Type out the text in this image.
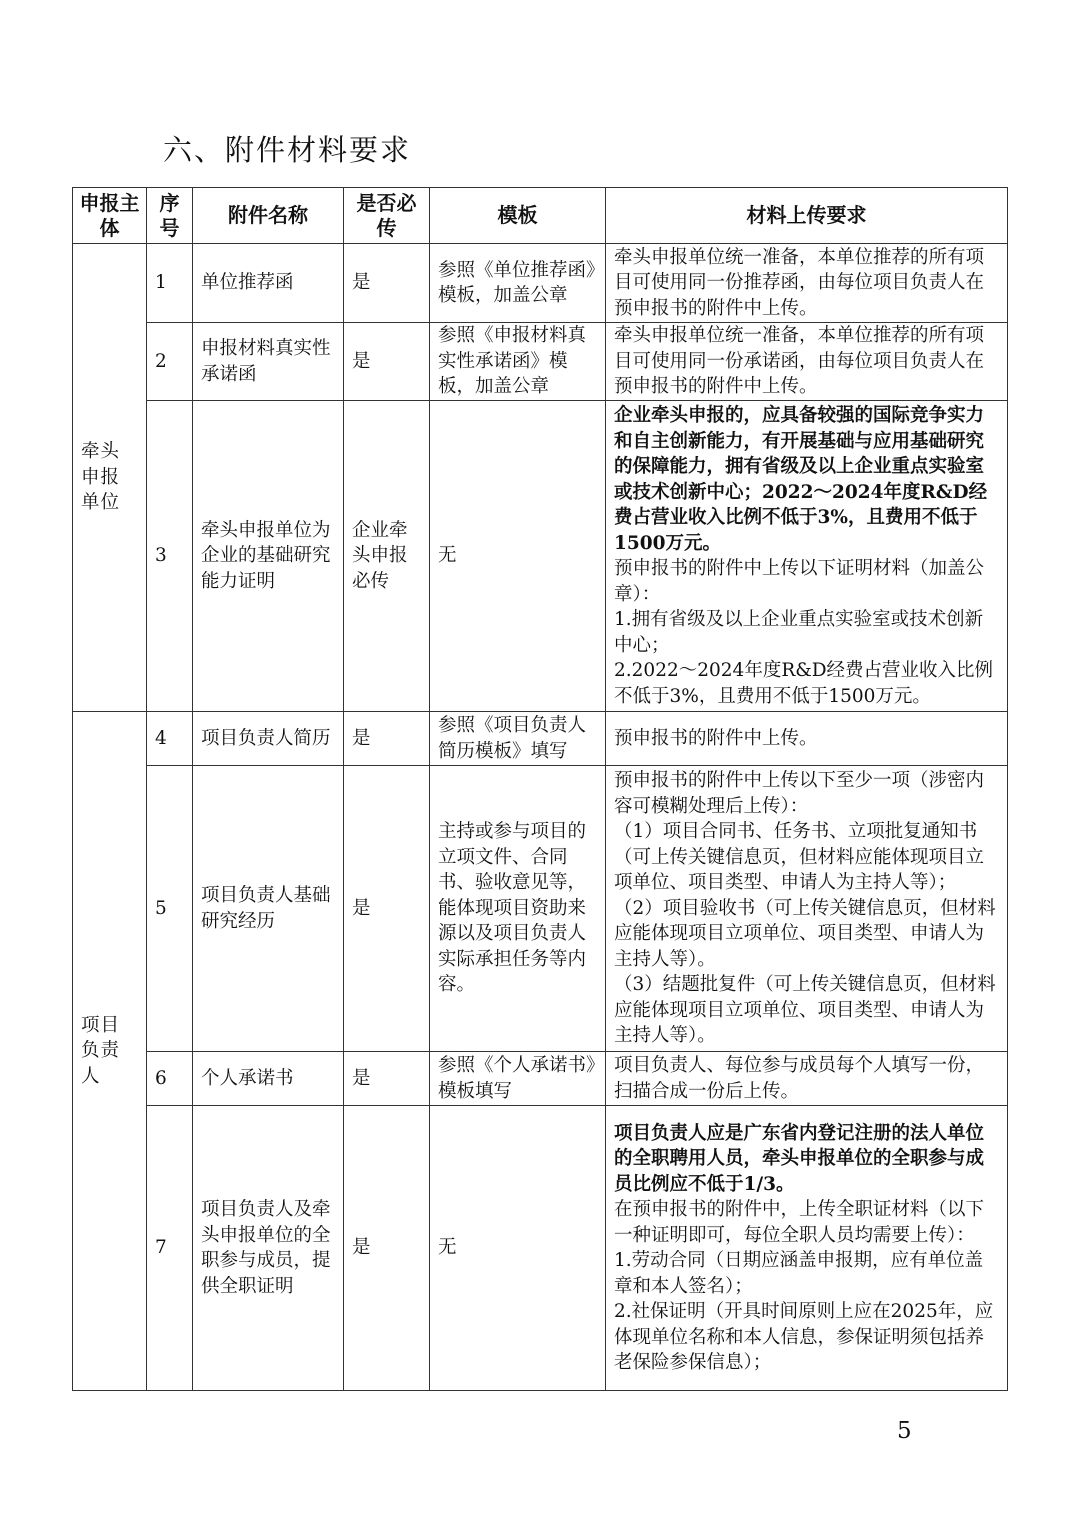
六、附件材料要求
申报主体	序号	附件名称	是否必传	模板	材料上传要求
牵头申报单位	1	单位推荐函	是	参照《单位推荐函》模板，加盖公章	牵头申报单位统一准备，本单位推荐的所有项目可使用同一份推荐函，由每位项目负责人在预申报书的附件中上传。

	2	申报材料真实性承诺函	是	参照《申报材料真实性承诺函》模板，加盖公章	牵头申报单位统一准备，本单位推荐的所有项目可使用同一份承诺函，由每位项目负责人在预申报书的附件中上传。

	3	牵头申报单位为企业的基础研究能力证明	企业牵头申报必传	无	企业牵头申报的，应具备较强的国际竞争实力和自主创新能力，有开展基础与应用基础研究的保障能力，拥有省级及以上企业重点实验室或技术创新中心；2022～2024年度R&D经费占营业收入比例不低于3%，且费用不低于1500万元。
预申报书的附件中上传以下证明材料（加盖公章）：
1.拥有省级及以上企业重点实验室或技术创新中心；
2.2022～2024年度R&D经费占营业收入比例不低于3%，且费用不低于1500万元。

项目负责人	4	项目负责人简历	是	参照《项目负责人简历模板》填写	预申报书的附件中上传。

	5	项目负责人基础研究经历	是	主持或参与项目的立项文件、合同书、验收意见等，能体现项目资助来源以及项目负责人实际承担任务等内容。	预申报书的附件中上传以下至少一项（涉密内容可模糊处理后上传）：
（1）项目合同书、任务书、立项批复通知书（可上传关键信息页，但材料应能体现项目立项单位、项目类型、申请人为主持人等）；
（2）项目验收书（可上传关键信息页，但材料应能体现项目立项单位、项目类型、申请人为主持人等）。
（3）结题批复件（可上传关键信息页，但材料应能体现项目立项单位、项目类型、申请人为主持人等）。

	6	个人承诺书	是	参照《个人承诺书》模板填写	项目负责人、每位参与成员每个人填写一份，扫描合成一份后上传。

	7	项目负责人及牵头申报单位的全职参与成员，提供全职证明	是	无	项目负责人应是广东省内登记注册的法人单位的全职聘用人员，牵头申报单位的全职参与成员比例应不低于1/3。
在预申报书的附件中，上传全职证材料（以下一种证明即可，每位全职人员均需要上传）：
1.劳动合同（日期应涵盖申报期，应有单位盖章和本人签名）；
2.社保证明（开具时间原则上应在2025年，应体现单位名称和本人信息，参保证明须包括养老保险参保信息）；
5
